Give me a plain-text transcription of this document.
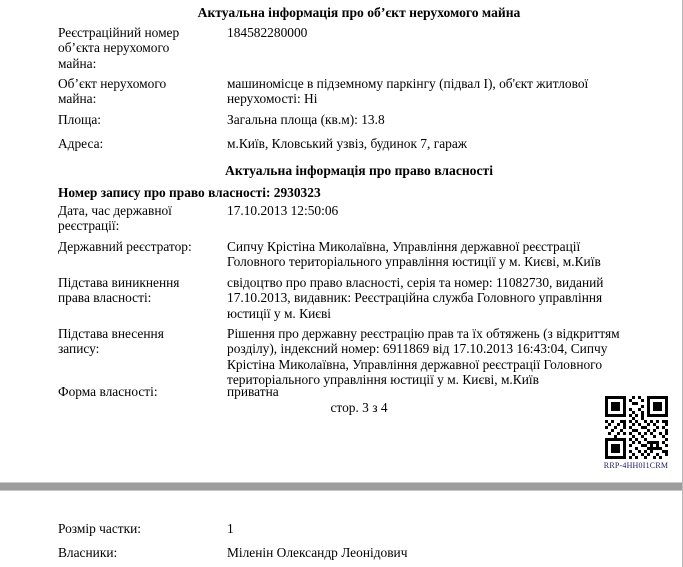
Актуальна інформація про об’єкт нерухомого майна
Реєстраційний номер об’єкта нерухомого майна:
184582280000
Об’єкт нерухомого майна:
машиномісце в підземному паркінгу (підвал І), об'єкт житлової нерухомості: Ні
Площа:	Загальна площа (кв.м): 13.8
Адреса:	м.Київ, Кловський узвіз, будинок 7, гараж
Актуальна інформація про право власності
Номер запису про право власності: 2930323
Дата, час державної реєстрації:
17.10.2013 12:50:06
Державний реєстратор:	Сипчу Крістіна Миколаївна, Управління державної реєстрації Головного територіального управління юстиції у м. Києві, м.Київ
Підстава виникнення права власності:
свідоцтво про право власності, серія та номер: 11082730, виданий 17.10.2013, видавник: Реєстраційна служба Головного управління юстиції у м. Києві
Підстава внесення запису:
Рішення про державну реєстрацію прав та їх обтяжень (з відкриттям розділу), індексний номер: 6911869 від 17.10.2013 16:43:04, Сипчу Крістіна Миколаївна, Управління державної реєстрації Головного територіального управління юстиції у м. Києві, м.Київ
Форма власності:	приватна
стор. 3 з 4
RRP-4HH0I1CRM
Розмір частки:	1
Власники:	Міленін Олександр Леонідович
